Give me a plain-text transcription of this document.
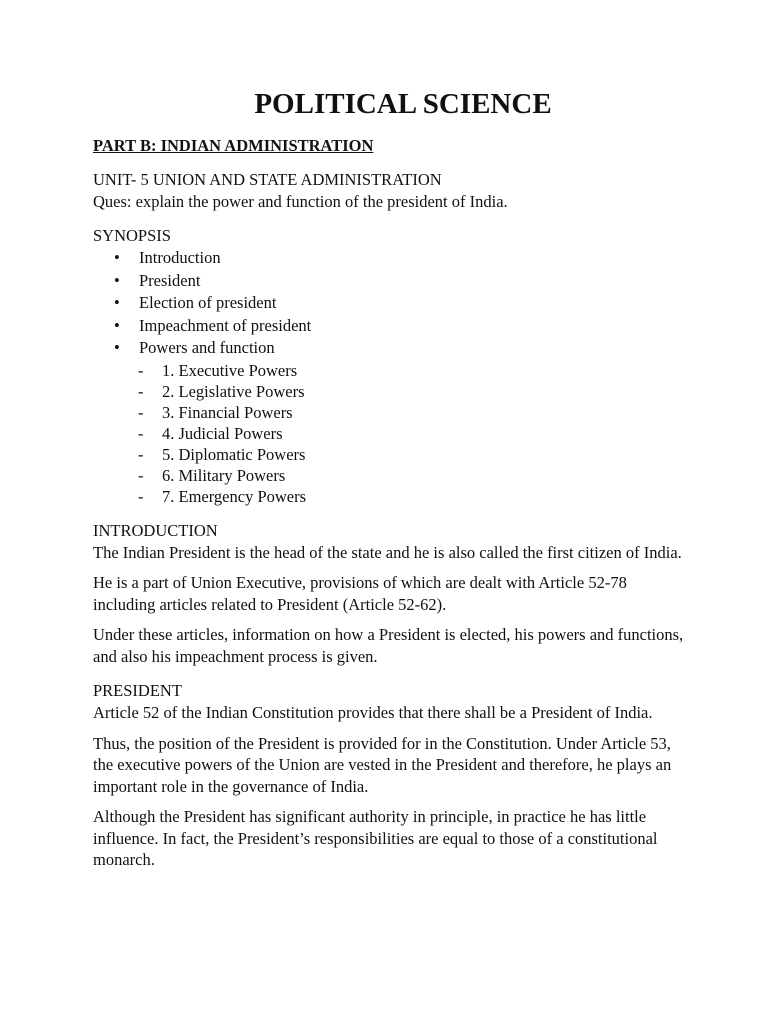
POLITICAL SCIENCE

PART B: INDIAN ADMINISTRATION

UNIT- 5 UNION AND STATE ADMINISTRATION

Ques: explain the power and function of the president of India.

SYNOPSIS

• Introduction
• President
• Election of president
• Impeachment of president
• Powers and function
- 1. Executive Powers
- 2. Legislative Powers
- 3. Financial Powers
- 4. Judicial Powers
- 5. Diplomatic Powers
- 6. Military Powers
- 7. Emergency Powers

INTRODUCTION

The Indian President is the head of the state and he is also called the first citizen of India.

He is a part of Union Executive, provisions of which are dealt with Article 52-78 including articles related to President (Article 52-62).

Under these articles, information on how a President is elected, his powers and functions, and also his impeachment process is given.

PRESIDENT

Article 52 of the Indian Constitution provides that there shall be a President of India.

Thus, the position of the President is provided for in the Constitution. Under Article 53, the executive powers of the Union are vested in the President and therefore, he plays an important role in the governance of India.

Although the President has significant authority in principle, in practice he has little influence. In fact, the President’s responsibilities are equal to those of a constitutional monarch.
